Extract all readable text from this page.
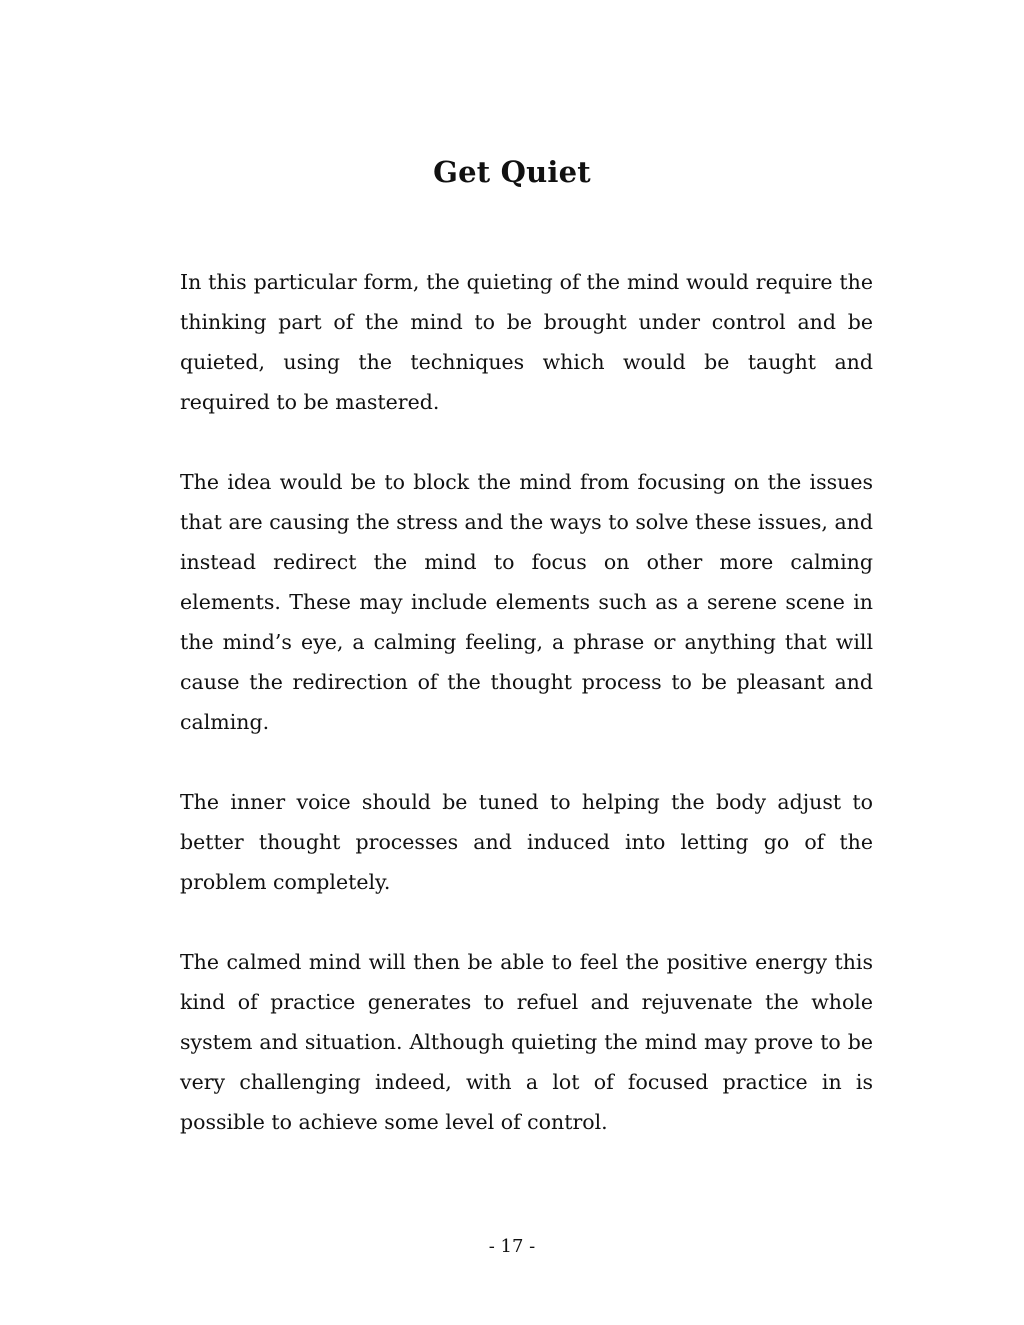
Get Quiet

In this particular form, the quieting of the mind would require the thinking part of the mind to be brought under control and be quieted, using the techniques which would be taught and required to be mastered.

The idea would be to block the mind from focusing on the issues that are causing the stress and the ways to solve these issues, and instead redirect the mind to focus on other more calming elements. These may include elements such as a serene scene in the mind’s eye, a calming feeling, a phrase or anything that will cause the redirection of the thought process to be pleasant and calming.

The inner voice should be tuned to helping the body adjust to better thought processes and induced into letting go of the problem completely.

The calmed mind will then be able to feel the positive energy this kind of practice generates to refuel and rejuvenate the whole system and situation. Although quieting the mind may prove to be very challenging indeed, with a lot of focused practice in is possible to achieve some level of control.

- 17 -
